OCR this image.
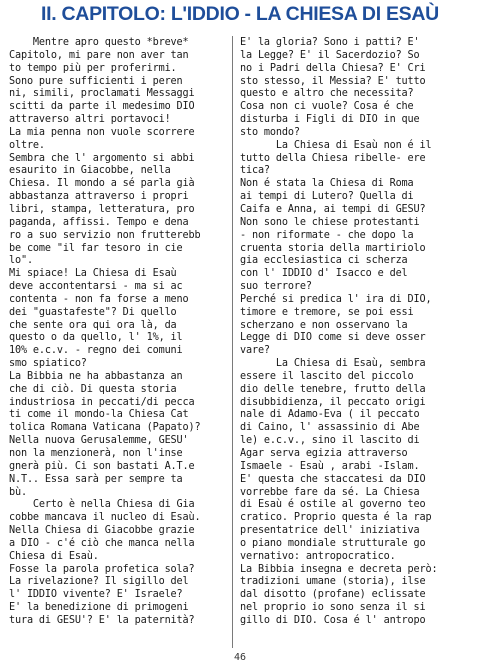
II. CAPITOLO: L'IDDIO - LA CHIESA DI ESAÙ
Mentre apro questo *breve*
Capitolo, mi pare non aver tan
to tempo più per proferirmi.
Sono pure sufficienti i peren
ni, simili, proclamati Messaggi
scitti da parte il medesimo DIO
attraverso altri portavoci!
La mia penna non vuole scorrere
oltre.
Sembra che l' argomento si abbi
esaurito in Giacobbe, nella
Chiesa. Il mondo a sé parla già
abbastanza attraverso i propri
libri, stampa, letteratura, pro
paganda, affissi. Tempo e dena
ro a suo servizio non frutterebb
be come "il far tesoro in cie
lo".
Mi spiace! La Chiesa di Esaù
deve accontentarsi - ma si ac
contenta - non fa forse a meno
dei "guastafeste"? Di quello
che sente ora qui ora là, da
questo o da quello, l' 1%, il
10% e.c.v. - regno dei comuni
smo spiatico?
La Bibbia ne ha abbastanza an
che di ciò. Di questa storia
industriosa in peccati/di pecca
ti come il mondo-la Chiesa Cat
tolica Romana Vaticana (Papato)?
Nella nuova Gerusalemme, GESU'
non la menzionerà, non l'inse
gnerà più. Ci son bastati A.T.e
N.T.. Essa sarà per sempre ta
bù.
Certo è nella Chiesa di Gia
cobbe mancava il nucleo di Esaù.
Nella Chiesa di Giacobbe grazie
a DIO - c'é ciò che manca nella
Chiesa di Esaù.
Fosse la parola profetica sola?
La rivelazione? Il sigillo del
l' IDDIO vivente? E' Israele?
E' la benedizione di primogeni
tura di GESU'? E' la paternità?
E' la gloria? Sono i patti? E'
la Legge? E' il Sacerdozio? So
no i Padri della Chiesa? E' Cri
sto stesso, il Messia? E' tutto
questo e altro che necessita?
Cosa non ci vuole? Cosa é che
disturba i Figli di DIO in que
sto mondo?
La Chiesa di Esaù non é il
tutto della Chiesa ribelle- ere
tica?
Non é stata la Chiesa di Roma
ai tempi di Lutero? Quella di
Caifa e Anna, ai tempi di GESU?
Non sono le chiese protestanti
- non riformate - che dopo la
cruenta storia della martiriolo
gia ecclesiastica ci scherza
con l' IDDIO d' Isacco e del
suo terrore?
Perché si predica l' ira di DIO,
timore e tremore, se poi essi
scherzano e non osservano la
Legge di DIO come si deve osser
vare?
La Chiesa di Esaù, sembra
essere il lascito del piccolo
dio delle tenebre, frutto della
disubbidienza, il peccato origi
nale di Adamo-Eva ( il peccato
di Caino, l' assassinio di Abe
le) e.c.v., sino il lascito di
Agar serva egizia attraverso
Ismaele - Esaù , arabi -Islam.
E' questa che staccatesi da DIO
vorrebbe fare da sé. La Chiesa
di Esaù é ostile al governo teo
cratico. Proprio questa é la rap
presentatrice dell' iniziativa
o piano mondiale strutturale go
vernativo: antropocratico.
La Bibbia insegna e decreta però:
tradizioni umane (storia), ilse
dal disotto (profane) eclissate
nel proprio io sono senza il si
gillo di DIO. Cosa é l' antropo
46
